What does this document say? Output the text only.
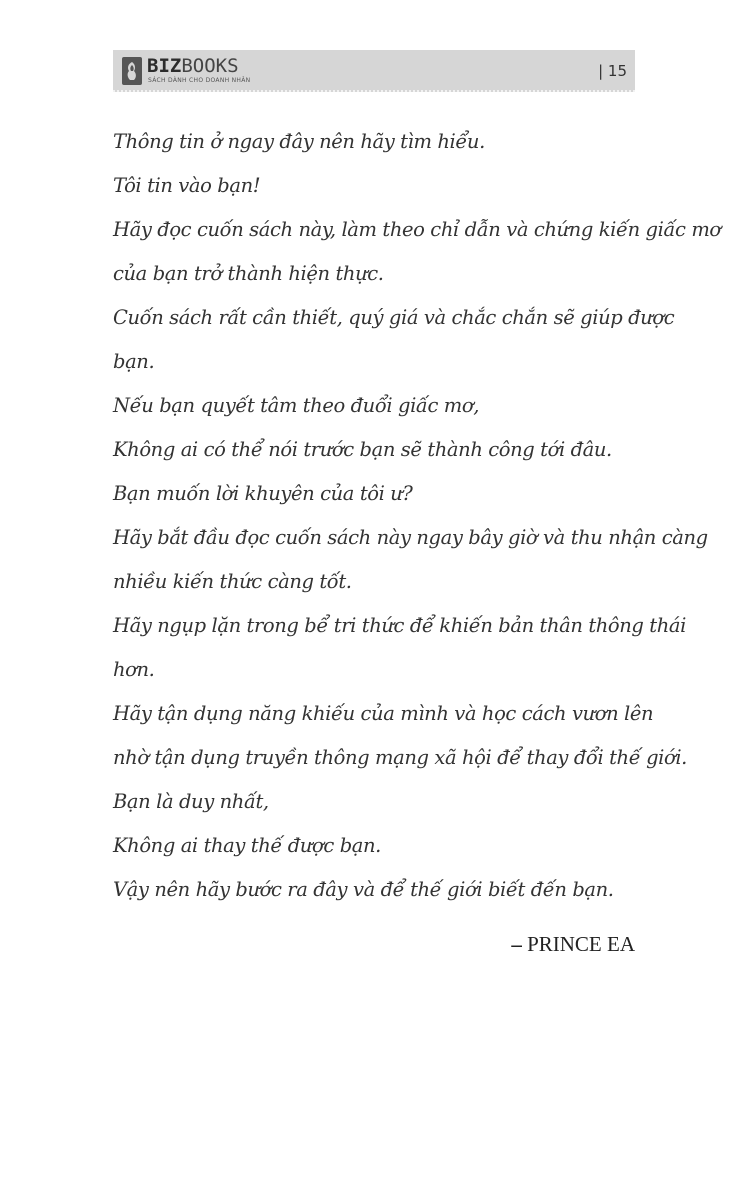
BIZBOOKS
SÁCH DÀNH CHO DOANH NHÂN
| 15

Thông tin ở ngay đây nên hãy tìm hiểu.

Tôi tin vào bạn!

Hãy đọc cuốn sách này, làm theo chỉ dẫn và chứng kiến giấc mơ

của bạn trở thành hiện thực.

Cuốn sách rất cần thiết, quý giá và chắc chắn sẽ giúp được

bạn.

Nếu bạn quyết tâm theo đuổi giấc mơ,

Không ai có thể nói trước bạn sẽ thành công tới đâu.

Bạn muốn lời khuyên của tôi ư?

Hãy bắt đầu đọc cuốn sách này ngay bây giờ và thu nhận càng

nhiều kiến thức càng tốt.

Hãy ngụp lặn trong bể tri thức để khiến bản thân thông thái

hơn.

Hãy tận dụng năng khiếu của mình và học cách vươn lên

nhờ tận dụng truyền thông mạng xã hội để thay đổi thế giới.

Bạn là duy nhất,

Không ai thay thế được bạn.

Vậy nên hãy bước ra đây và để thế giới biết đến bạn.

– PRINCE EA
